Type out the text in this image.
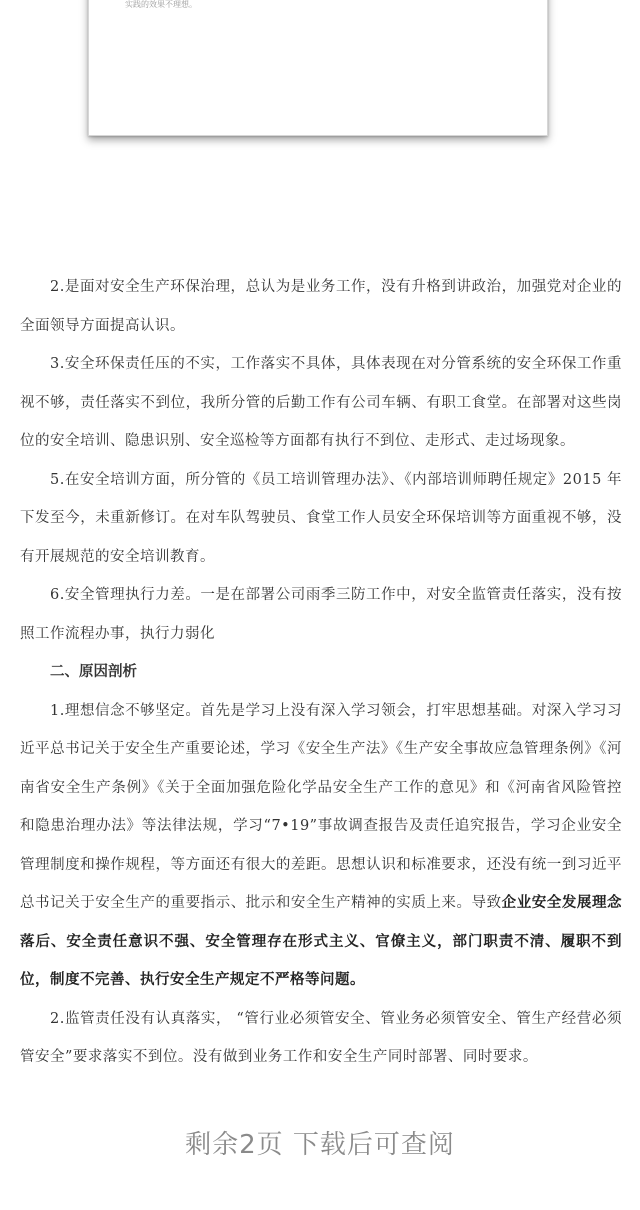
实践的效果不理想。

2.是面对安全生产环保治理，总认为是业务工作，没有升格到讲政治，加强党对企业的全面领导方面提高认识。

3.安全环保责任压的不实，工作落实不具体，具体表现在对分管系统的安全环保工作重视不够，责任落实不到位，我所分管的后勤工作有公司车辆、有职工食堂。在部署对这些岗位的安全培训、隐患识别、安全巡检等方面都有执行不到位、走形式、走过场现象。

5.在安全培训方面，所分管的《员工培训管理办法》、《内部培训师聘任规定》2015 年下发至今，未重新修订。在对车队驾驶员、食堂工作人员安全环保培训等方面重视不够，没有开展规范的安全培训教育。

6.安全管理执行力差。一是在部署公司雨季三防工作中，对安全监管责任落实，没有按照工作流程办事，执行力弱化

二、原因剖析

1.理想信念不够坚定。首先是学习上没有深入学习领会，打牢思想基础。对深入学习习近平总书记关于安全生产重要论述，学习《安全生产法》《生产安全事故应急管理条例》《河南省安全生产条例》《关于全面加强危险化学品安全生产工作的意见》和《河南省风险管控和隐患治理办法》等法律法规，学习“7•19”事故调查报告及责任追究报告，学习企业安全管理制度和操作规程，等方面还有很大的差距。思想认识和标准要求，还没有统一到习近平总书记关于安全生产的重要指示、批示和安全生产精神的实质上来。导致企业安全发展理念落后、安全责任意识不强、安全管理存在形式主义、官僚主义，部门职责不清、履职不到位，制度不完善、执行安全生产规定不严格等问题。

2.监管责任没有认真落实， “管行业必须管安全、管业务必须管安全、管生产经营必须管安全”要求落实不到位。没有做到业务工作和安全生产同时部署、同时要求。

剩余2页 下载后可查阅
